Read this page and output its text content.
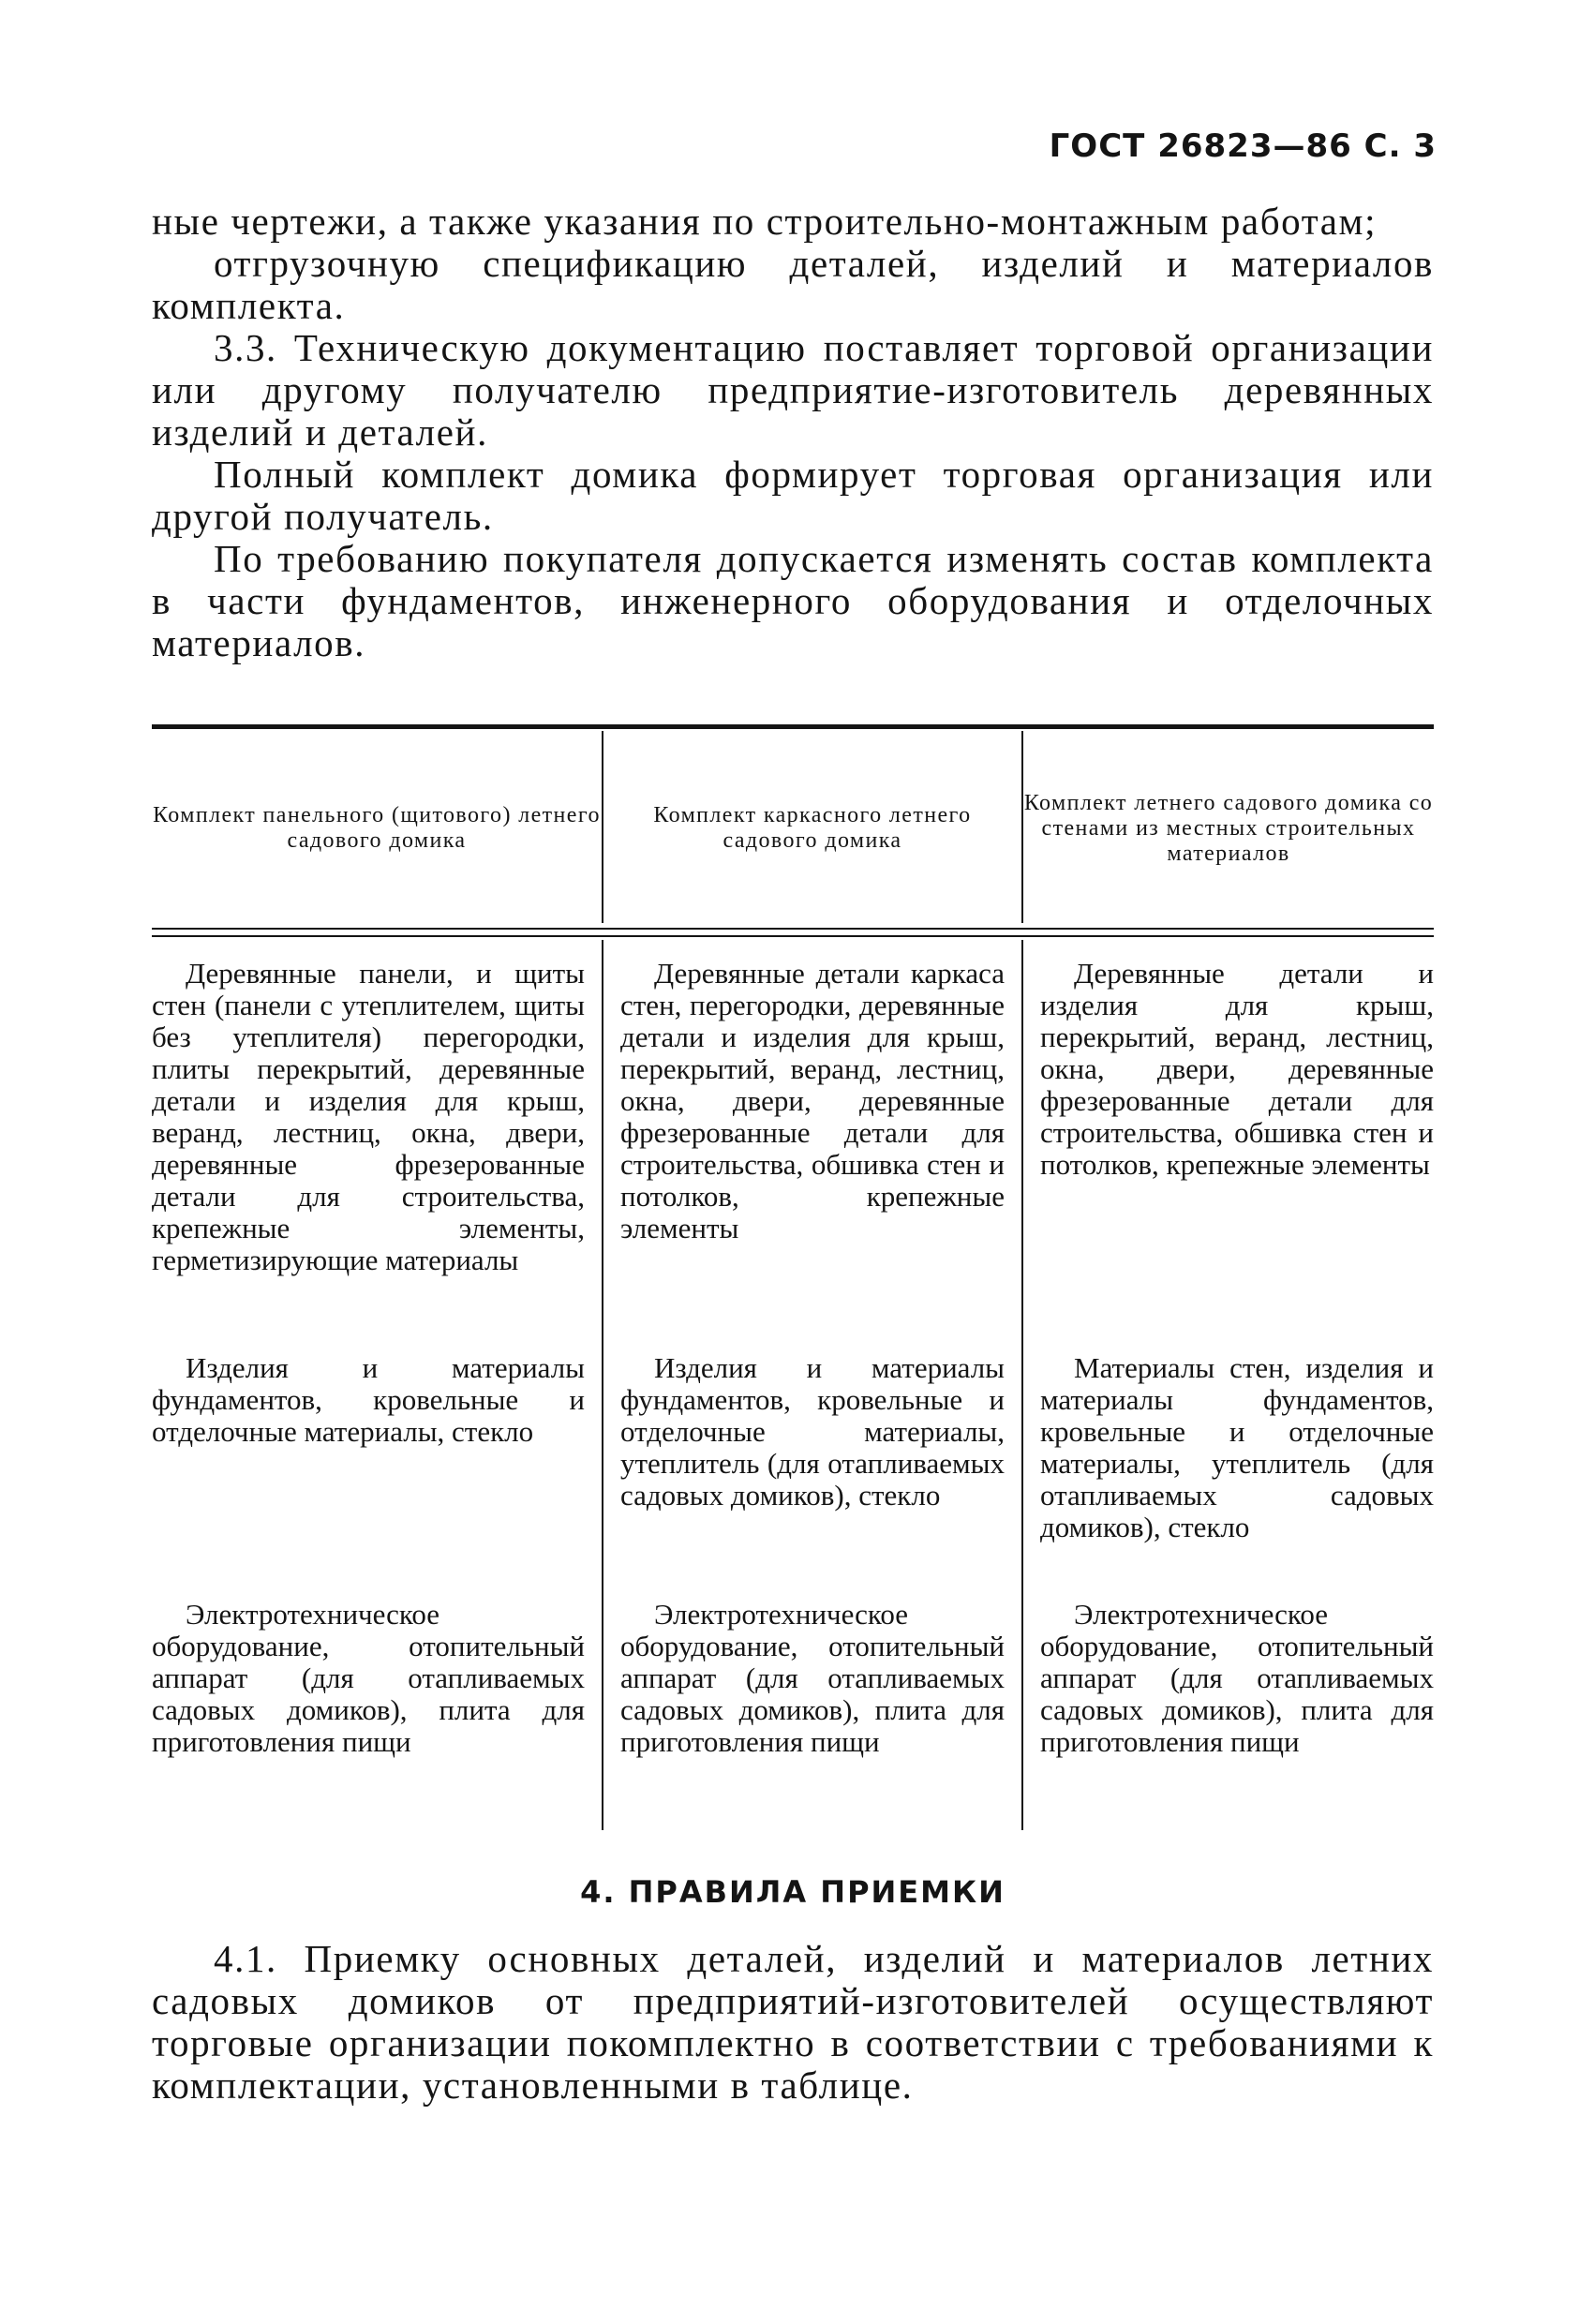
ГОСТ 26823—86 С. 3

ные чертежи, а также указания по строительно-монтажным работам;

отгрузочную спецификацию деталей, изделий и материалов комплекта.

3.3. Техническую документацию поставляет торговой организации или другому получателю предприятие-изготовитель деревянных изделий и деталей.

Полный комплект домика формирует торговая организация или другой получатель.

По требованию покупателя допускается изменять состав комплекта в части фундаментов, инженерного оборудования и отделочных материалов.

Комплект панельного (щитового) летнего садового домика
Комплект каркасного летнего садового домика
Комплект летнего садового домика со стенами из местных строительных материалов

Деревянные панели, и щиты стен (панели с утеплителем, щиты без утеплителя) перегородки, плиты перекрытий, деревянные детали и изделия для крыш, веранд, лестниц, окна, двери, деревянные фрезерованные детали для строительства, крепежные элементы, герметизирующие материалы

Деревянные детали каркаса стен, перегородки, деревянные детали и изделия для крыш, перекрытий, веранд, лестниц, окна, двери, деревянные фрезерованные детали для строительства, обшивка стен и потолков, крепежные элементы

Деревянные детали и изделия для крыш, перекрытий, веранд, лестниц, окна, двери, деревянные фрезерованные детали для строительства, обшивка стен и потолков, крепежные элементы

Изделия и материалы фундаментов, кровельные и отделочные материалы, стекло

Изделия и материалы фундаментов, кровельные и отделочные материалы, утеплитель (для отапливаемых садовых домиков), стекло

Материалы стен, изделия и материалы фундаментов, кровельные и отделочные материалы, утеплитель (для отапливаемых садовых домиков), стекло

Электротехническое оборудование, отопительный аппарат (для отапливаемых садовых домиков), плита для приготовления пищи

Электротехническое оборудование, отопительный аппарат (для отапливаемых садовых домиков), плита для приготовления пищи

Электротехническое оборудование, отопительный аппарат (для отапливаемых садовых домиков), плита для приготовления пищи

4. ПРАВИЛА ПРИЕМКИ

4.1. Приемку основных деталей, изделий и материалов летних садовых домиков от предприятий-изготовителей осуществляют торговые организации покомплектно в соответствии с требованиями к комплектации, установленными в таблице.
